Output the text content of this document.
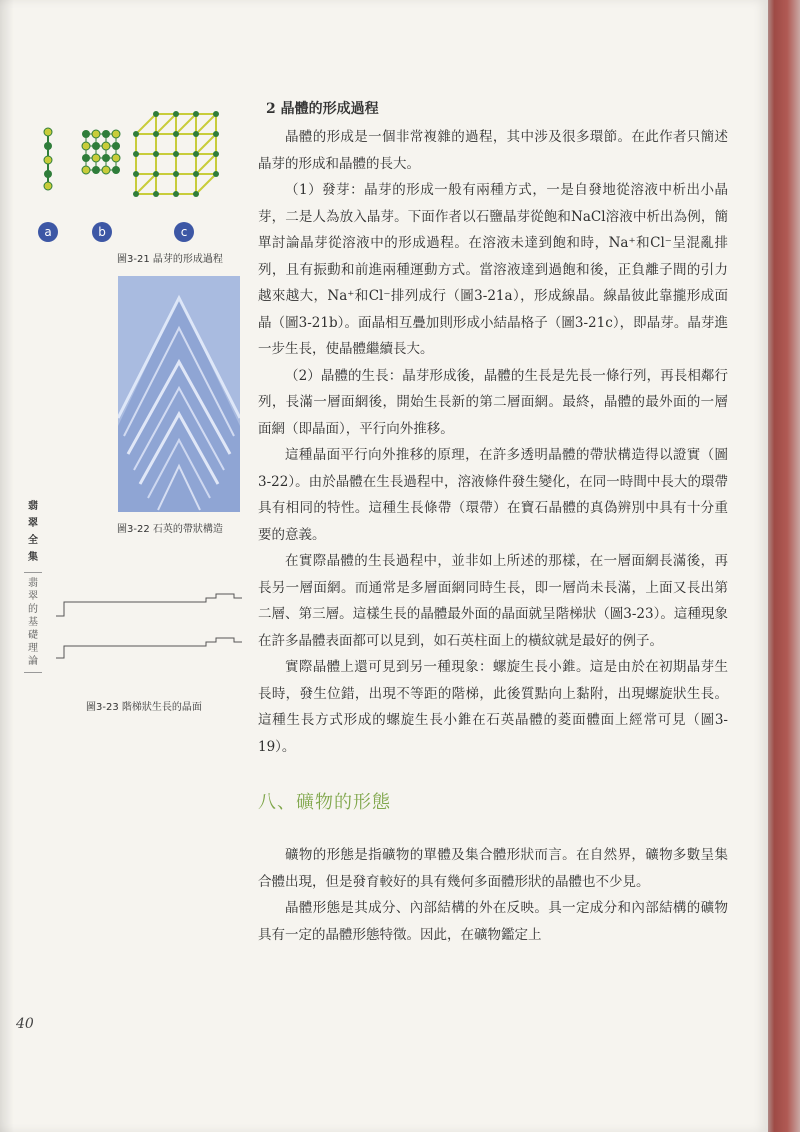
a	b	c
圖3-21 晶芽的形成過程
圖3-22 石英的帶狀構造
圖3-23 階梯狀生長的晶面
翡
翠
全
集
翡
翠
的
基
礎
理
論
40
2 晶體的形成過程

晶體的形成是一個非常複雜的過程，其中涉及很多環節。在此作者只簡述晶芽的形成和晶體的長大。

（1）發芽：晶芽的形成一般有兩種方式，一是自發地從溶液中析出小晶芽，二是人為放入晶芽。下面作者以石鹽晶芽從飽和NaCl溶液中析出為例，簡單討論晶芽從溶液中的形成過程。在溶液未達到飽和時，Na⁺和Cl⁻呈混亂排列，且有振動和前進兩種運動方式。當溶液達到過飽和後，正負離子間的引力越來越大，Na⁺和Cl⁻排列成行（圖3-21a），形成線晶。線晶彼此靠攏形成面晶（圖3-21b）。面晶相互疊加則形成小結晶格子（圖3-21c），即晶芽。晶芽進一步生長，使晶體繼續長大。

（2）晶體的生長：晶芽形成後，晶體的生長是先長一條行列，再長相鄰行列，長滿一層面網後，開始生長新的第二層面網。最終，晶體的最外面的一層面網（即晶面），平行向外推移。

這種晶面平行向外推移的原理，在許多透明晶體的帶狀構造得以證實（圖3-22）。由於晶體在生長過程中，溶液條件發生變化，在同一時間中長大的環帶具有相同的特性。這種生長條帶（環帶）在寶石晶體的真偽辨別中具有十分重要的意義。

在實際晶體的生長過程中，並非如上所述的那樣，在一層面網長滿後，再長另一層面網。而通常是多層面網同時生長，即一層尚未長滿，上面又長出第二層、第三層。這樣生長的晶體最外面的晶面就呈階梯狀（圖3-23）。這種現象在許多晶體表面都可以見到，如石英柱面上的橫紋就是最好的例子。

實際晶體上還可見到另一種現象：螺旋生長小錐。這是由於在初期晶芽生長時，發生位錯，出現不等距的階梯，此後質點向上黏附，出現螺旋狀生長。這種生長方式形成的螺旋生長小錐在石英晶體的菱面體面上經常可見（圖3-19）。

八、礦物的形態

礦物的形態是指礦物的單體及集合體形狀而言。在自然界，礦物多數呈集合體出現，但是發育較好的具有幾何多面體形狀的晶體也不少見。

晶體形態是其成分、內部結構的外在反映。具一定成分和內部結構的礦物具有一定的晶體形態特徵。因此，在礦物鑑定上
